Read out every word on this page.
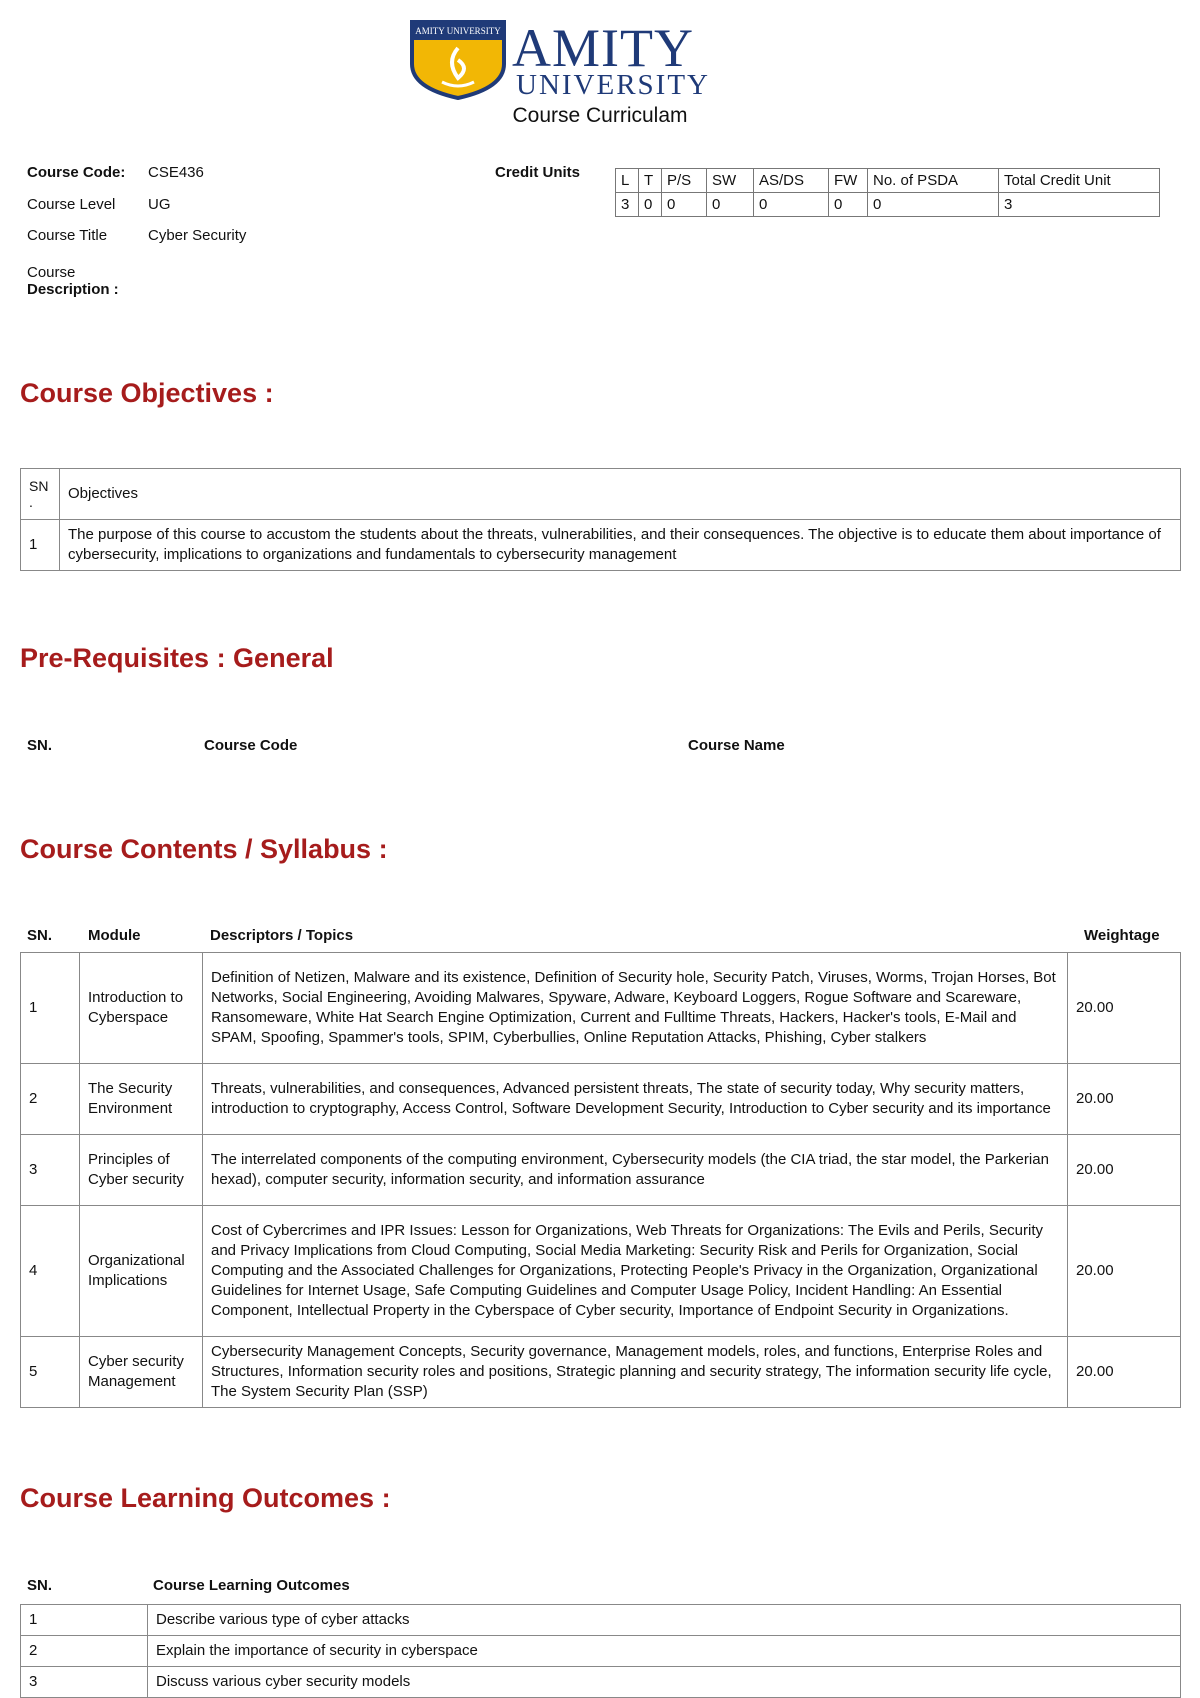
AMITY UNIVERSITY AMITY
UNIVERSITY
Course Curriculam
Course Code: CSE436
Course Level UG
Course Title	Cyber Security
Course
Description :
Credit Units	L	T	P/S	SW	AS/DS	FW	No. of PSDA	Total Credit Unit
3	0	0	0	0	0	0	3
Course Objectives :
SN .	Objectives
1	The purpose of this course to accustom the students about the threats, vulnerabilities, and their consequences. The objective is to educate them about importance of cybersecurity, implications to organizations and fundamentals to cybersecurity management
Pre-Requisites : General
SN.	Course Code	Course Name
Course Contents / Syllabus :
SN. Module	Descriptors / Topics	Weightage
1	Introduction to Cyberspace	Definition of Netizen, Malware and its existence, Definition of Security hole, Security Patch, Viruses, Worms, Trojan Horses, Bot Networks, Social Engineering, Avoiding Malwares, Spyware, Adware, Keyboard Loggers, Rogue Software and Scareware, Ransomeware, White Hat Search Engine Optimization, Current and Fulltime Threats, Hackers, Hacker's tools, E-Mail and SPAM, Spoofing, Spammer's tools, SPIM, Cyberbullies, Online Reputation Attacks, Phishing, Cyber stalkers	20.00
2	The Security Environment	Threats, vulnerabilities, and consequences, Advanced persistent threats, The state of security today, Why security matters, introduction to cryptography, Access Control, Software Development Security, Introduction to Cyber security and its importance	20.00
3	Principles of Cyber security	The interrelated components of the computing environment, Cybersecurity models (the CIA triad, the star model, the Parkerian hexad), computer security, information security, and information assurance	20.00
4	Organizational Implications	Cost of Cybercrimes and IPR Issues: Lesson for Organizations, Web Threats for Organizations: The Evils and Perils, Security and Privacy Implications from Cloud Computing, Social Media Marketing: Security Risk and Perils for Organization, Social Computing and the Associated Challenges for Organizations, Protecting People's Privacy in the Organization, Organizational Guidelines for Internet Usage, Safe Computing Guidelines and Computer Usage Policy, Incident Handling: An Essential Component, Intellectual Property in the Cyberspace of Cyber security, Importance of Endpoint Security in Organizations.	20.00
5	Cyber security Management	Cybersecurity Management Concepts, Security governance, Management models, roles, and functions, Enterprise Roles and Structures, Information security roles and positions, Strategic planning and security strategy, The information security life cycle, The System Security Plan (SSP)	20.00
Course Learning Outcomes :
SN.	Course Learning Outcomes
1	Describe various type of cyber attacks
2	Explain the importance of security in cyberspace
3	Discuss various cyber security models
